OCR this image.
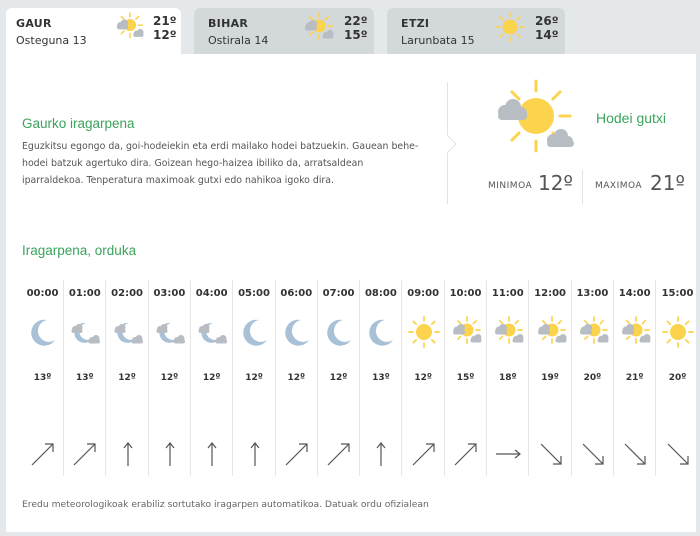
GAUR
Osteguna 13
21º
12º
BIHAR
Ostirala 14
22º
15º
ETZI
Larunbata 15
26º
14º
Gaurko iragarpena
Eguzkitsu egongo da, goi-hodeiekin eta erdi mailako hodei batzuekin. Gauean behe-hodei batzuk agertuko dira. Goizean hego-haizea ibiliko da, arratsaldean iparraldekoa. Tenperatura maximoak gutxi edo nahikoa igoko dira.
Hodei gutxi
MINIMOA 12º MAXIMOA 21º
Iragarpena, orduka
00:00
13º
01:00
13º
02:00
12º
03:00
12º
04:00
12º
05:00
12º
06:00
12º
07:00
12º
08:00
13º
09:00
12º
10:00
15º
11:00
18º
12:00
19º
13:00
20º
14:00
21º
15:00
20º
Eredu meteorologikoak erabiliz sortutako iragarpen automatikoa. Datuak ordu ofizialean
